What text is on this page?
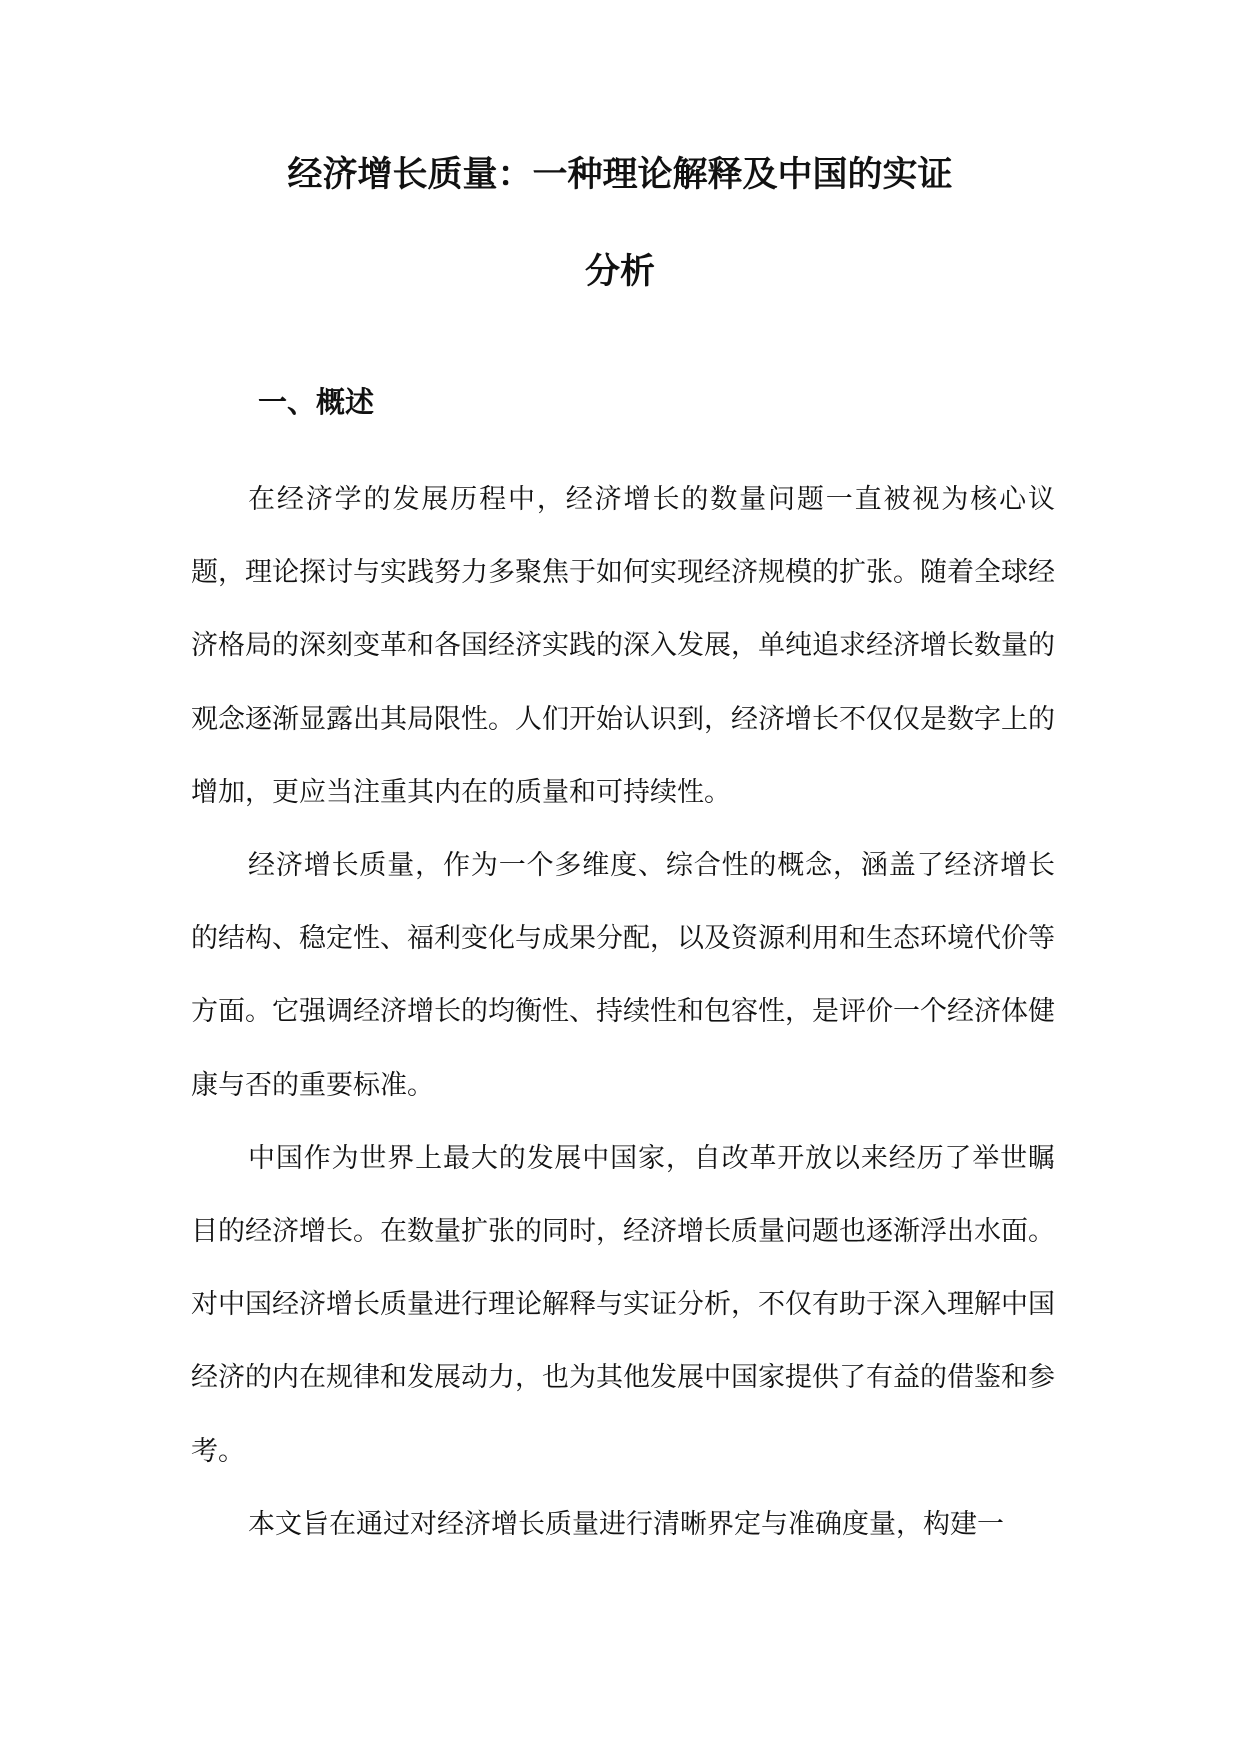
经济增长质量：一种理论解释及中国的实证
分析
一、概述

在经济学的发展历程中，经济增长的数量问题一直被视为核心议题，理论探讨与实践努力多聚焦于如何实现经济规模的扩张。随着全球经济格局的深刻变革和各国经济实践的深入发展，单纯追求经济增长数量的观念逐渐显露出其局限性。人们开始认识到，经济增长不仅仅是数字上的增加，更应当注重其内在的质量和可持续性。

经济增长质量，作为一个多维度、综合性的概念，涵盖了经济增长的结构、稳定性、福利变化与成果分配，以及资源利用和生态环境代价等方面。它强调经济增长的均衡性、持续性和包容性，是评价一个经济体健康与否的重要标准。

中国作为世界上最大的发展中国家，自改革开放以来经历了举世瞩目的经济增长。在数量扩张的同时，经济增长质量问题也逐渐浮出水面。对中国经济增长质量进行理论解释与实证分析，不仅有助于深入理解中国经济的内在规律和发展动力，也为其他发展中国家提供了有益的借鉴和参考。

本文旨在通过对经济增长质量进行清晰界定与准确度量，构建一
